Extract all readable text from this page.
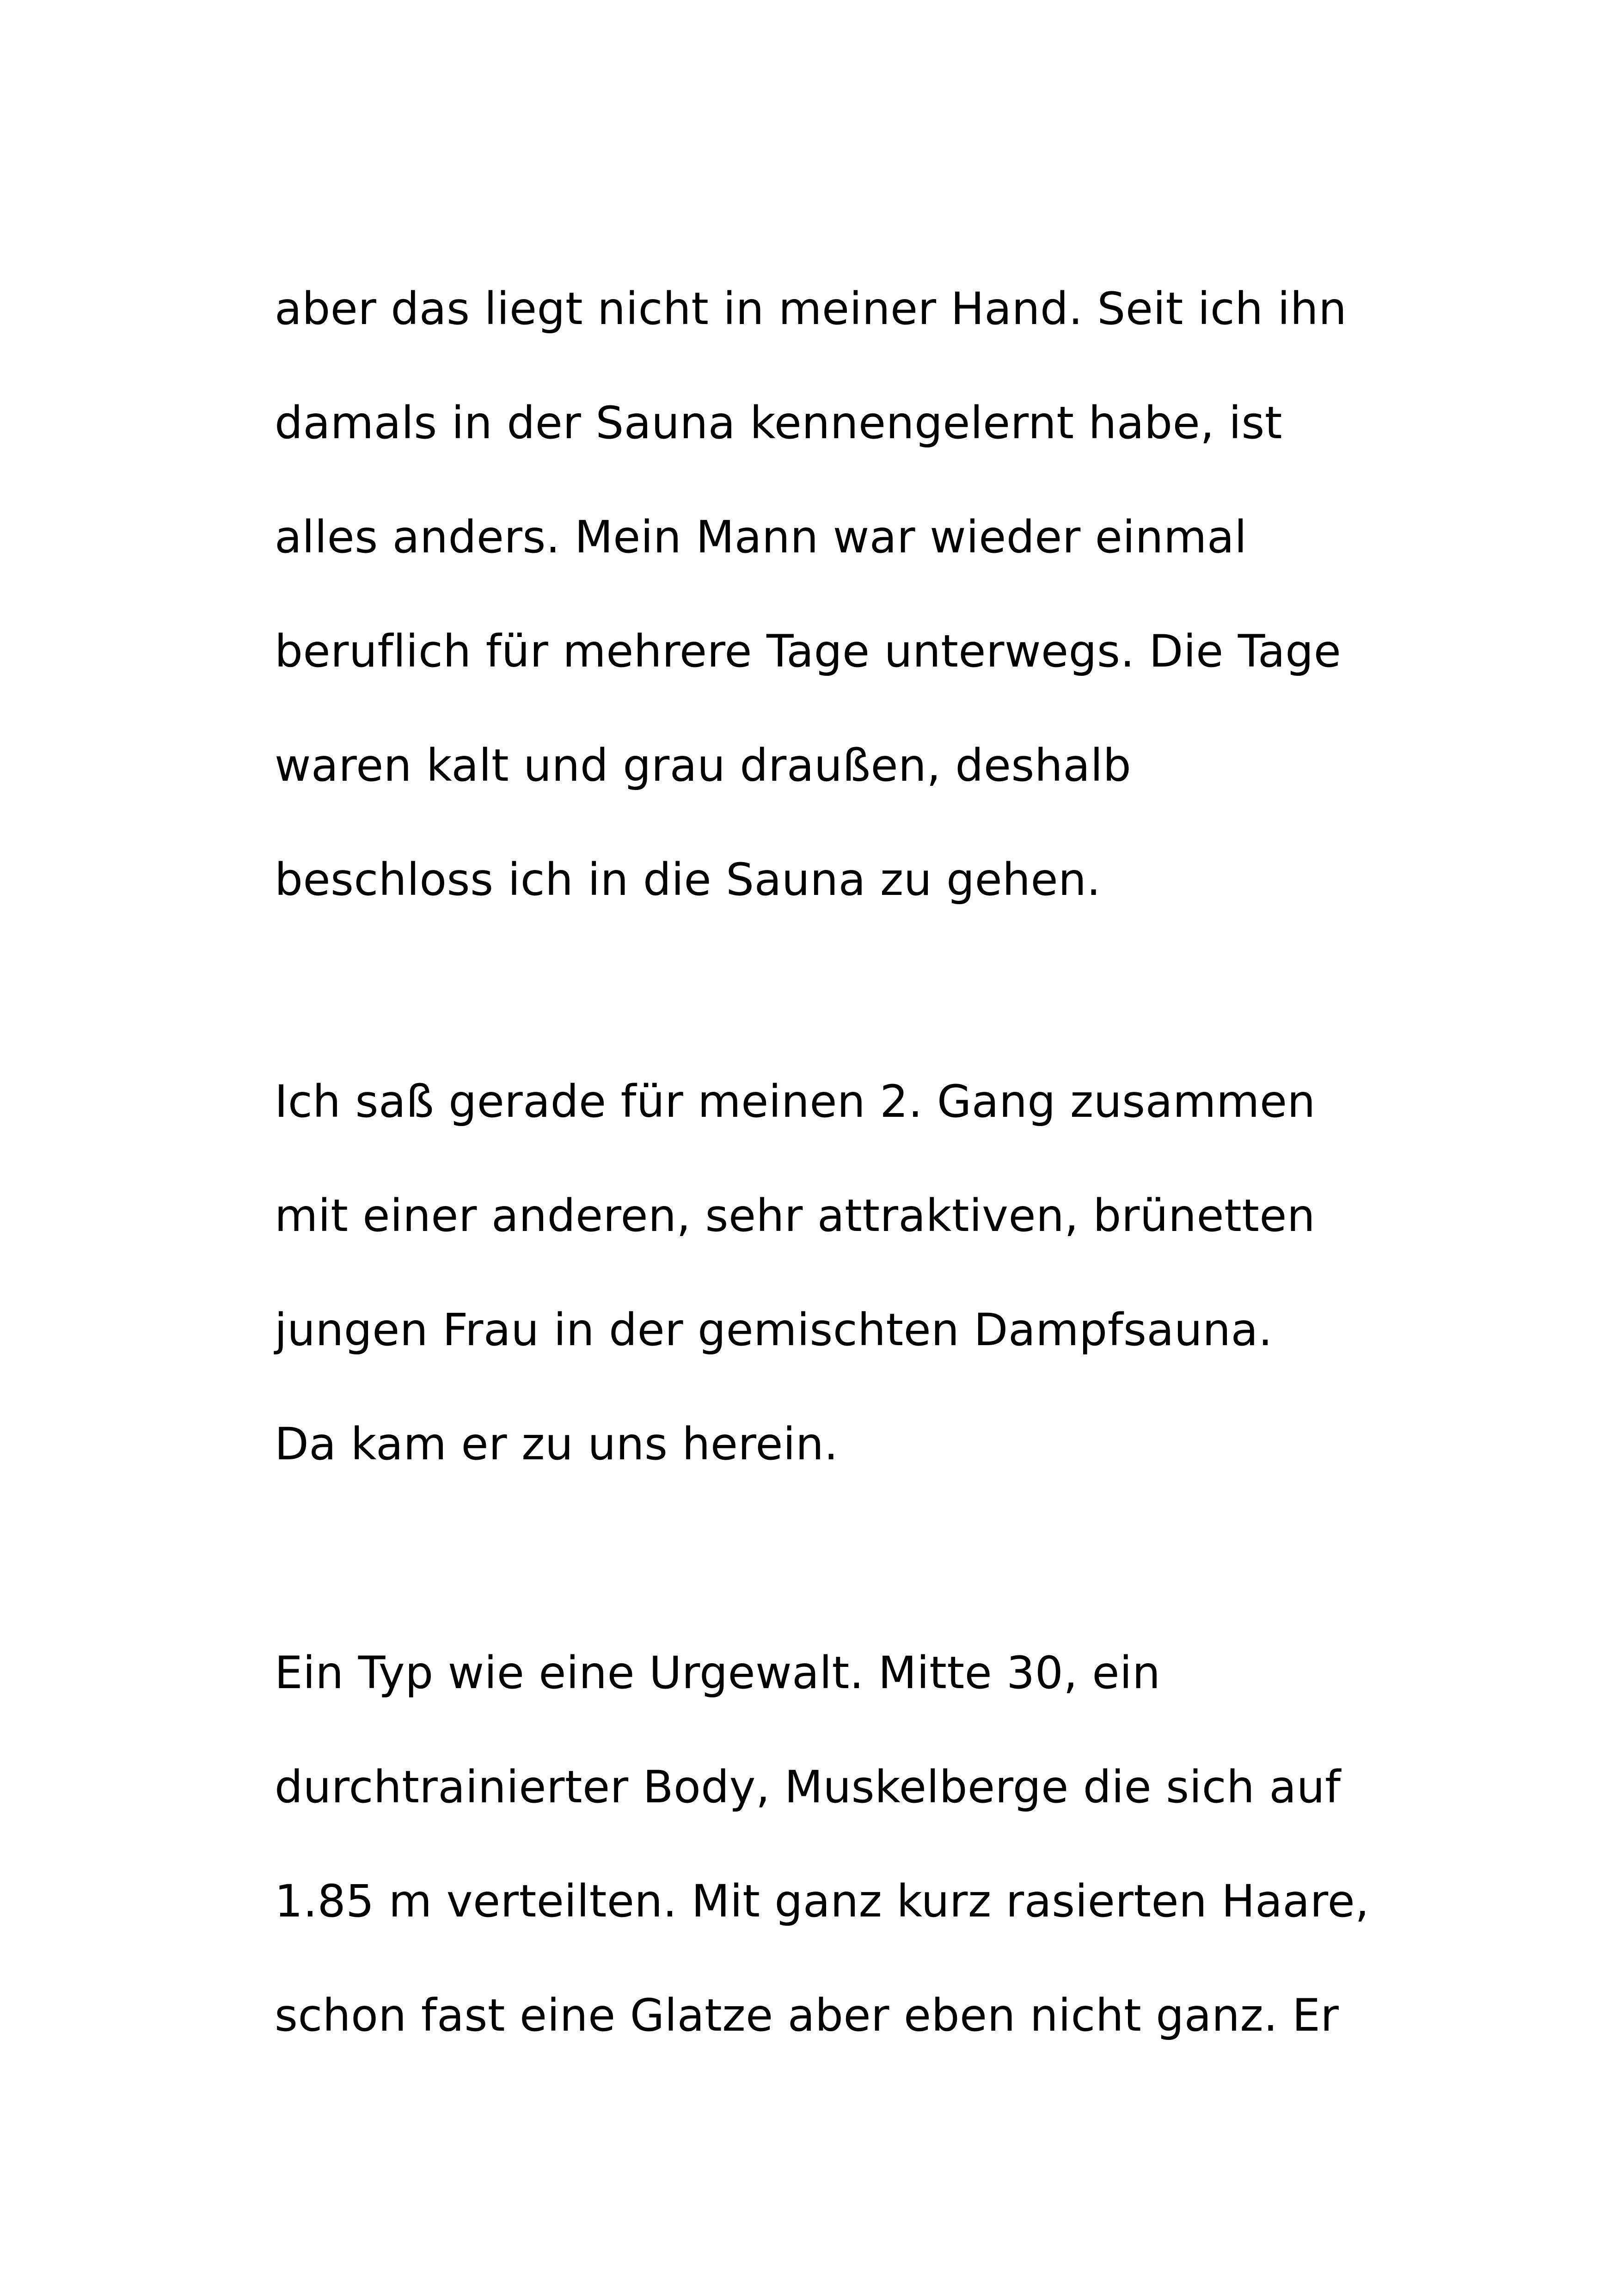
aber das liegt nicht in meiner Hand. Seit ich ihn
damals in der Sauna kennengelernt habe, ist
alles anders. Mein Mann war wieder einmal
beruflich für mehrere Tage unterwegs. Die Tage
waren kalt und grau draußen, deshalb
beschloss ich in die Sauna zu gehen.
Ich saß gerade für meinen 2. Gang zusammen
mit einer anderen, sehr attraktiven, brünetten
jungen Frau in der gemischten Dampfsauna.
Da kam er zu uns herein.
Ein Typ wie eine Urgewalt. Mitte 30, ein
durchtrainierter Body, Muskelberge die sich auf
1.85 m verteilten. Mit ganz kurz rasierten Haare,
schon fast eine Glatze aber eben nicht ganz. Er
